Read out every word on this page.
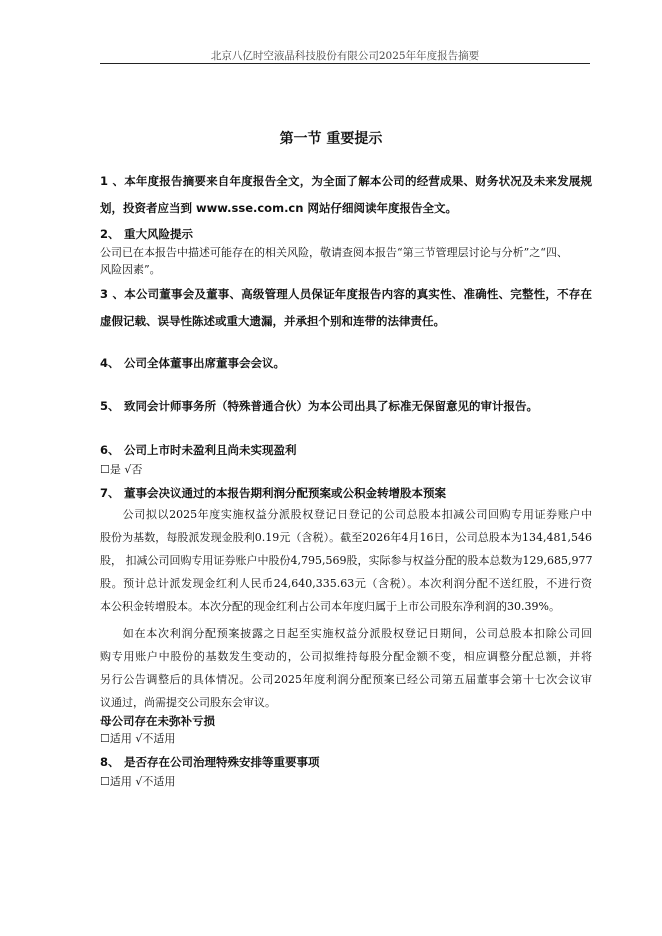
北京八亿时空液晶科技股份有限公司2025年年度报告摘要
第一节 重要提示
1、本年度报告摘要来自年度报告全文，为全面了解本公司的经营成果、财务状况及未来发展规
划，投资者应当到 www.sse.com.cn 网站仔细阅读年度报告全文。
2、 重大风险提示
公司已在本报告中描述可能存在的相关风险，敬请查阅本报告“第三节管理层讨论与分析”之“四、
风险因素”。
3、本公司董事会及董事、高级管理人员保证年度报告内容的真实性、准确性、完整性，不存在
虚假记载、误导性陈述或重大遗漏，并承担个别和连带的法律责任。
4、 公司全体董事出席董事会会议。
5、 致同会计师事务所（特殊普通合伙）为本公司出具了标准无保留意见的审计报告。
6、 公司上市时未盈利且尚未实现盈利
☐是 √否
7、 董事会决议通过的本报告期利润分配预案或公积金转增股本预案
公司拟以2025年度实施权益分派股权登记日登记的公司总股本扣减公司回购专用证券账户中
股份为基数，每股派发现金股利0.19元（含税）。截至2026年4月16日，公司总股本为134,481,546
股， 扣减公司回购专用证券账户中股份4,795,569股，实际参与权益分配的股本总数为129,685,977
股。预计总计派发现金红利人民币24,640,335.63元（含税）。本次利润分配不送红股，不进行资
本公积金转增股本。本次分配的现金红利占公司本年度归属于上市公司股东净利润的30.39%。
如在本次利润分配预案披露之日起至实施权益分派股权登记日期间，公司总股本扣除公司回
购专用账户中股份的基数发生变动的，公司拟维持每股分配金额不变，相应调整分配总额，并将
另行公告调整后的具体情况。公司2025年度利润分配预案已经公司第五届董事会第十七次会议审
议通过，尚需提交公司股东会审议。
母公司存在未弥补亏损
☐适用 √不适用
8、 是否存在公司治理特殊安排等重要事项
☐适用 √不适用
